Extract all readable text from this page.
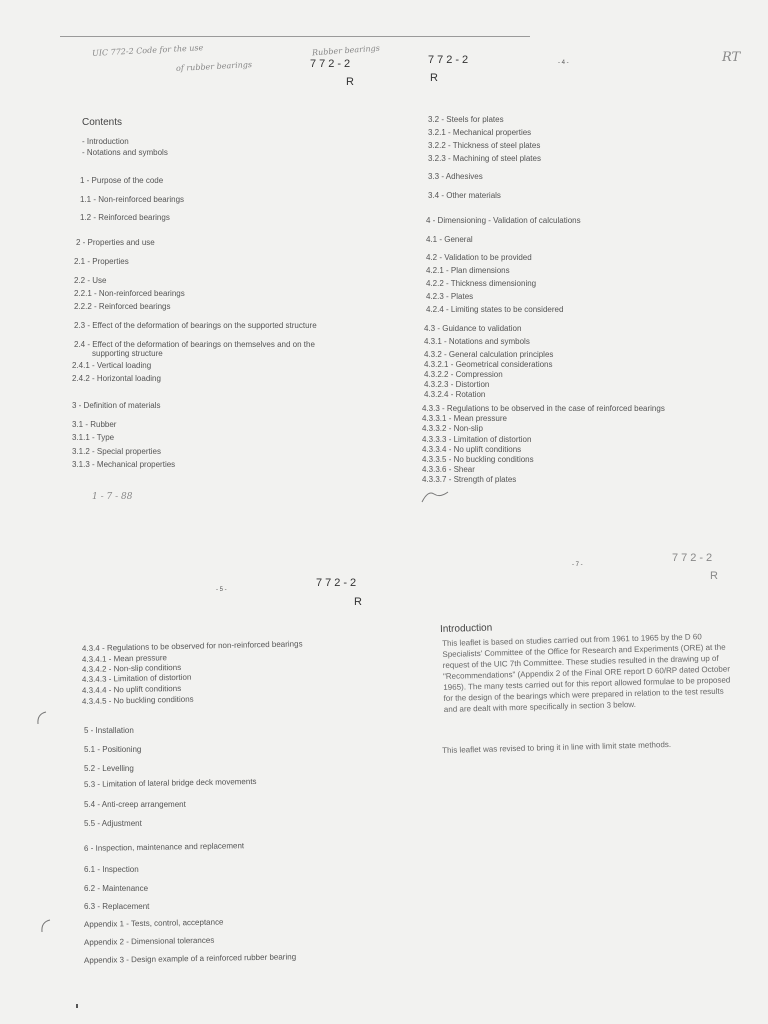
UIC 772-2 Code for the use
of rubber bearings
Rubber bearings	RT
772-2
R
772-2
R
- 4 -
Contents
- Introduction
- Notations and symbols
1 - Purpose of the code
1.1 - Non-reinforced bearings
1.2 - Reinforced bearings
2 - Properties and use
2.1 - Properties
2.2 - Use
2.2.1 - Non-reinforced bearings
2.2.2 - Reinforced bearings
2.3 - Effect of the deformation of bearings on the supported structure
2.4 - Effect of the deformation of bearings on themselves and on the
supporting structure
2.4.1 - Vertical loading
2.4.2 - Horizontal loading
3 - Definition of materials
3.1 - Rubber
3.1.1 - Type
3.1.2 - Special properties
3.1.3 - Mechanical properties
1 - 7 - 88
3.2 - Steels for plates
3.2.1 - Mechanical properties
3.2.2 - Thickness of steel plates
3.2.3 - Machining of steel plates
3.3 - Adhesives
3.4 - Other materials
4 - Dimensioning - Validation of calculations
4.1 - General
4.2 - Validation to be provided
4.2.1 - Plan dimensions
4.2.2 - Thickness dimensioning
4.2.3 - Plates
4.2.4 - Limiting states to be considered
4.3 - Guidance to validation
4.3.1 - Notations and symbols
4.3.2 - General calculation principles
4.3.2.1 - Geometrical considerations
4.3.2.2 - Compression
4.3.2.3 - Distortion
4.3.2.4 - Rotation
4.3.3 - Regulations to be observed in the case of reinforced bearings
4.3.3.1 - Mean pressure
4.3.3.2 - Non-slip
4.3.3.3 - Limitation of distortion
4.3.3.4 - No uplift conditions
4.3.3.5 - No buckling conditions
4.3.3.6 - Shear
4.3.3.7 - Strength of plates
772-2
R
- 5 -
- 7 -
772-2
R
4.3.4 - Regulations to be observed for non-reinforced bearings
4.3.4.1 - Mean pressure
4.3.4.2 - Non-slip conditions
4.3.4.3 - Limitation of distortion
4.3.4.4 - No uplift conditions
4.3.4.5 - No buckling conditions
5 - Installation
5.1 - Positioning
5.2 - Levelling
5.3 - Limitation of lateral bridge deck movements
5.4 - Anti-creep arrangement
5.5 - Adjustment
6 - Inspection, maintenance and replacement
6.1 - Inspection
6.2 - Maintenance
6.3 - Replacement
Appendix 1 - Tests, control, acceptance
Appendix 2 - Dimensional tolerances
Appendix 3 - Design example of a reinforced rubber bearing
Introduction
This leaflet is based on studies carried out from 1961 to 1965 by the D 60 Specialists' Committee of the Office for Research and Experiments (ORE) at the request of the UIC 7th Committee. These studies resulted in the drawing up of "Recommendations" (Appendix 2 of the Final ORE report D 60/RP dated October 1965). The many tests carried out for this report allowed formulae to be proposed for the design of the bearings which were prepared in relation to the test results and are dealt with more specifically in section 3 below.
This leaflet was revised to bring it in line with limit state methods.
